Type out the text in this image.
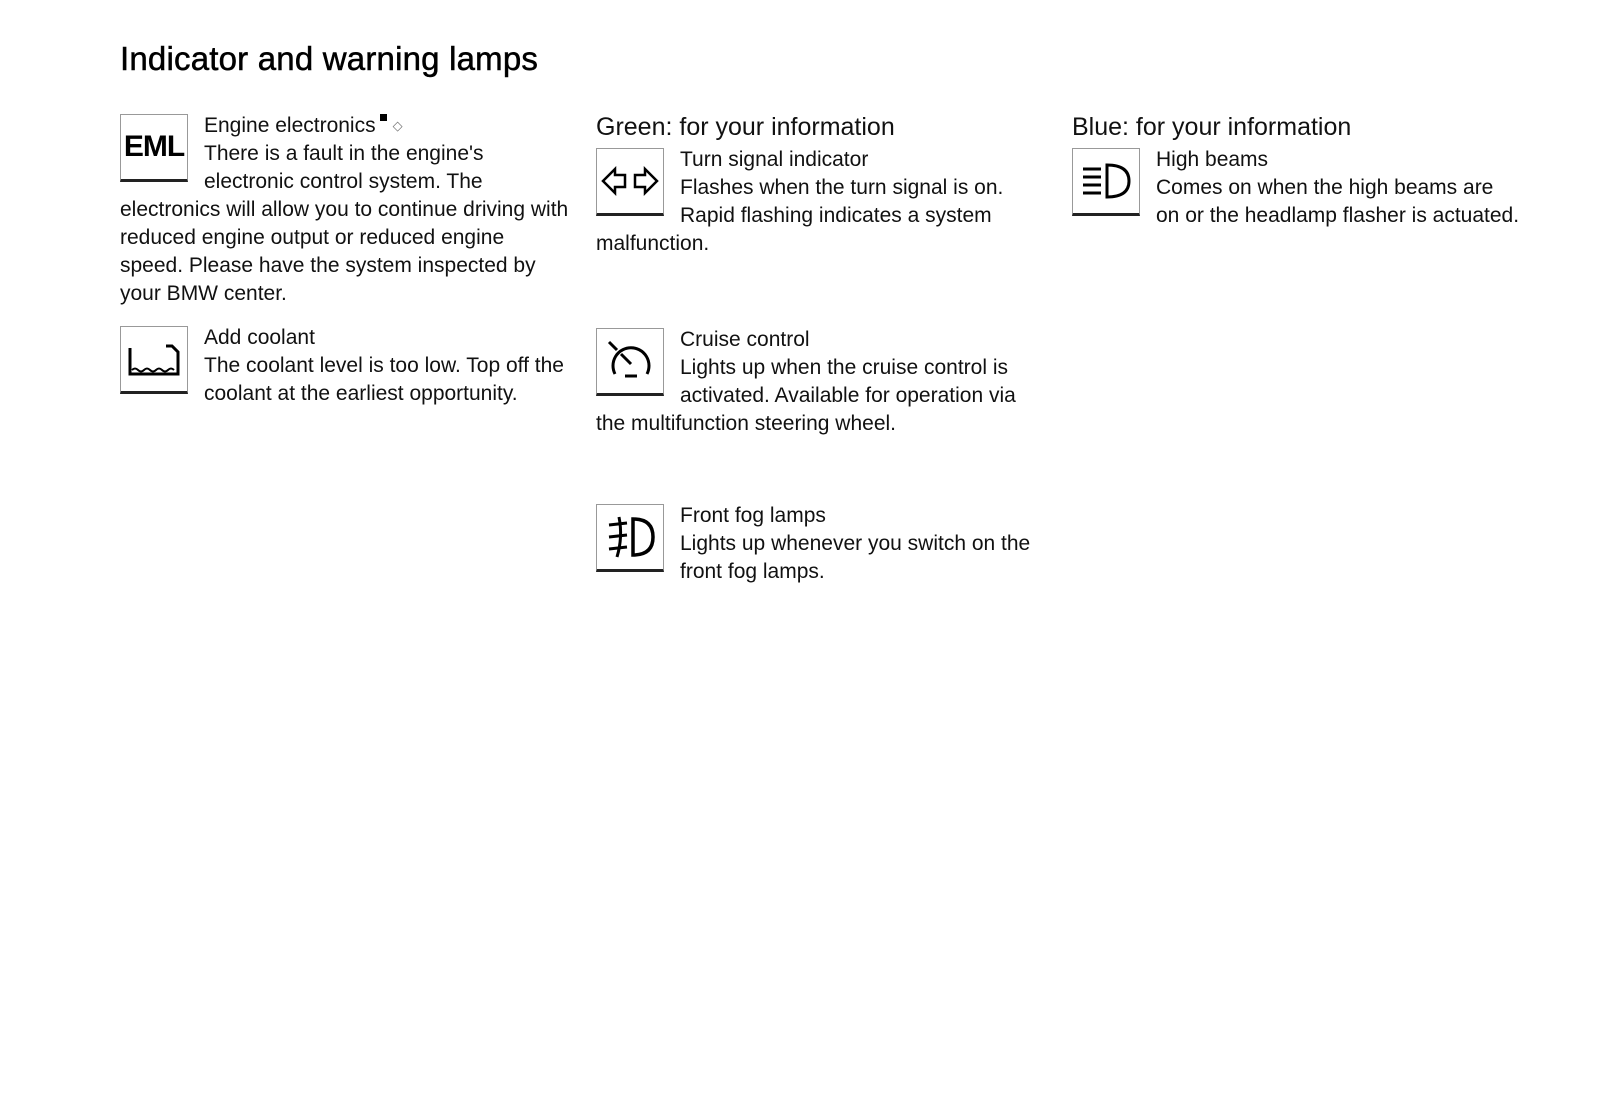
Indicator and warning lamps
EML
Engine electronics ◇
There is a fault in the engine's electronic control system. The electronics will allow you to continue driving with reduced engine output or reduced engine speed. Please have the system inspected by your BMW center.
Add coolant
The coolant level is too low. Top off the coolant at the earliest opportunity.
Green: for your information
Turn signal indicator
Flashes when the turn signal is on. Rapid flashing indicates a system malfunction.
Cruise control
Lights up when the cruise control is activated. Available for operation via the multifunction steering wheel.
Front fog lamps
Lights up whenever you switch on the front fog lamps.
Blue: for your information
High beams
Comes on when the high beams are on or the headlamp flasher is actuated.
